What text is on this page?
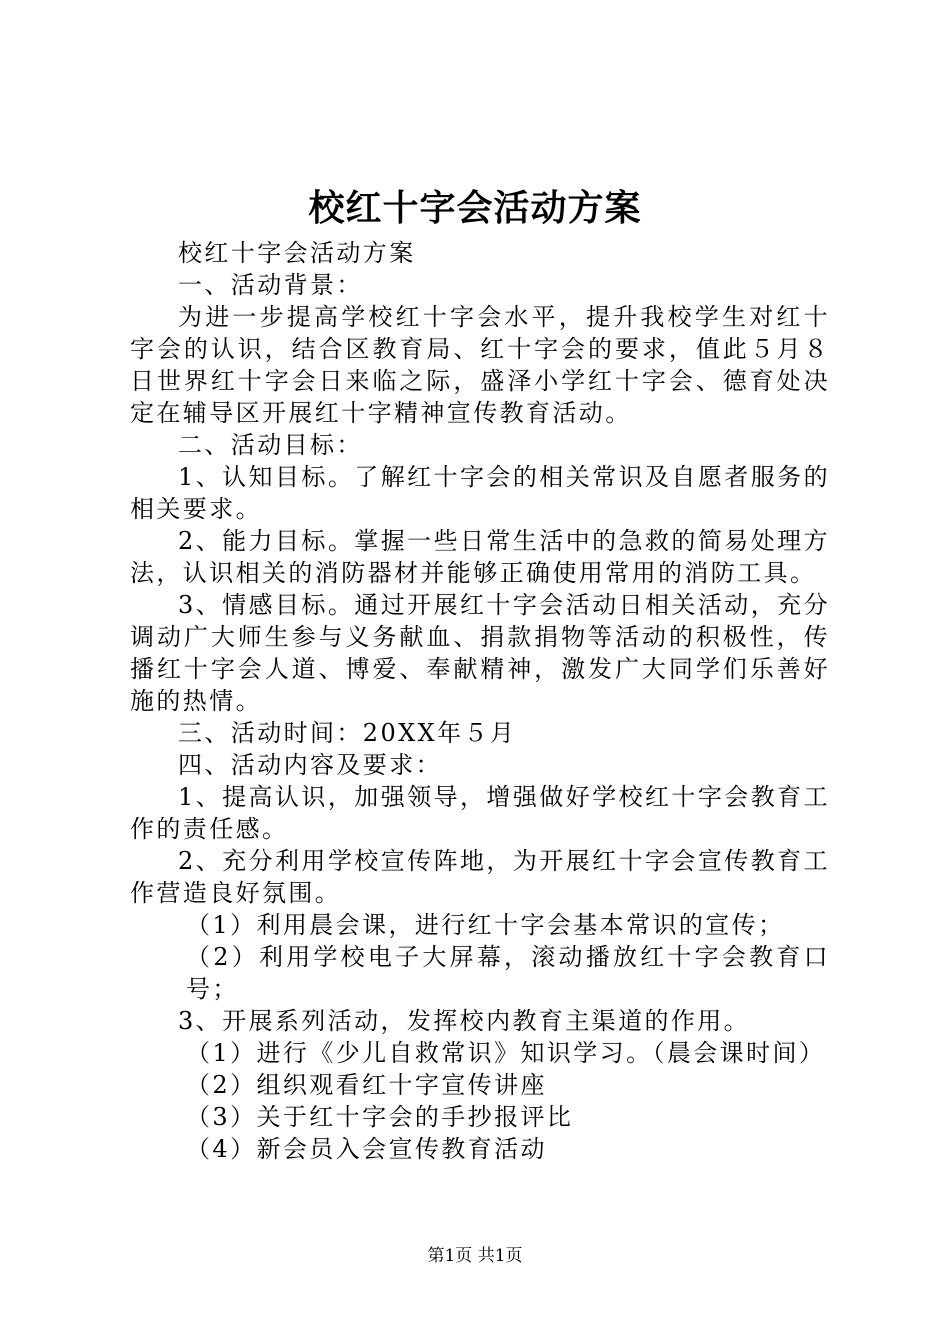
校红十字会活动方案

校红十字会活动方案

一、活动背景：

为进一步提高学校红十字会水平，提升我校学生对红十字会的认识，结合区教育局、红十字会的要求，值此５月８日世界红十字会日来临之际，盛泽小学红十字会、德育处决定在辅导区开展红十字精神宣传教育活动。

二、活动目标：

1、认知目标。了解红十字会的相关常识及自愿者服务的相关要求。

2、能力目标。掌握一些日常生活中的急救的简易处理方法，认识相关的消防器材并能够正确使用常用的消防工具。

3、情感目标。通过开展红十字会活动日相关活动，充分调动广大师生参与义务献血、捐款捐物等活动的积极性，传播红十字会人道、博爱、奉献精神，激发广大同学们乐善好施的热情。

三、活动时间：20XX年５月

四、活动内容及要求：

1、提高认识，加强领导，增强做好学校红十字会教育工作的责任感。

2、充分利用学校宣传阵地，为开展红十字会宣传教育工作营造良好氛围。

（1）利用晨会课，进行红十字会基本常识的宣传；

（2）利用学校电子大屏幕，滚动播放红十字会教育口号；

3、开展系列活动，发挥校内教育主渠道的作用。

（1）进行《少儿自救常识》知识学习。（晨会课时间）

（2）组织观看红十字宣传讲座

（3）关于红十字会的手抄报评比

（4）新会员入会宣传教育活动

第1页 共1页
